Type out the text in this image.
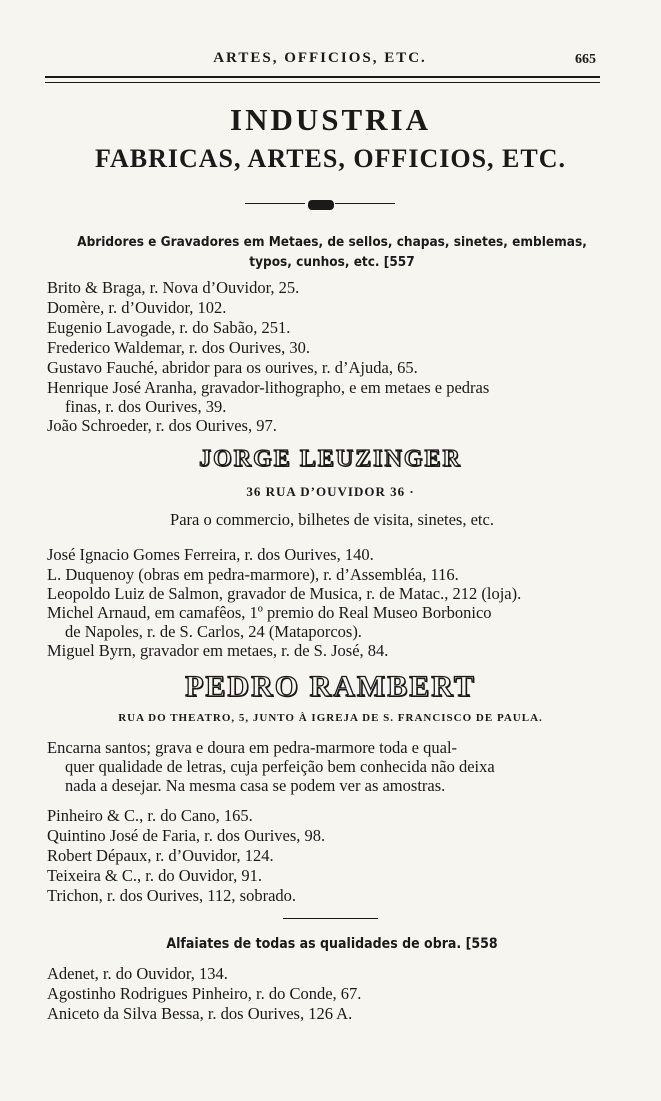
ARTES, OFFICIOS, ETC.	665
INDUSTRIA
FABRICAS, ARTES, OFFICIOS, ETC.
Abridores e Gravadores em Metaes, de sellos, chapas, sinetes, emblemas,
typos, cunhos, etc. [557
Brito & Braga, r. Nova d’Ouvidor, 25.
Domère, r. d’Ouvidor, 102.
Eugenio Lavogade, r. do Sabão, 251.
Frederico Waldemar, r. dos Ourives, 30.
Gustavo Fauché, abridor para os ourives, r. d’Ajuda, 65.
Henrique José Aranha, gravador-lithographo, e em metaes e pedras
finas, r. dos Ourives, 39.
João Schroeder, r. dos Ourives, 97.
JORGE LEUZINGER
36 RUA D’OUVIDOR 36 ·
Para o commercio, bilhetes de visita, sinetes, etc.
José Ignacio Gomes Ferreira, r. dos Ourives, 140.
L. Duquenoy (obras em pedra-marmore), r. d’Assembléa, 116.
Leopoldo Luiz de Salmon, gravador de Musica, r. de Matac., 212 (loja).
Michel Arnaud, em camafêos, 1º premio do Real Museo Borbonico
de Napoles, r. de S. Carlos, 24 (Mataporcos).
Miguel Byrn, gravador em metaes, r. de S. José, 84.
PEDRO RAMBERT
RUA DO THEATRO, 5, JUNTO À IGREJA DE S. FRANCISCO DE PAULA.
Encarna santos; grava e doura em pedra-marmore toda e qual-
quer qualidade de letras, cuja perfeição bem conhecida não deixa
nada a desejar. Na mesma casa se podem ver as amostras.
Pinheiro & C., r. do Cano, 165.
Quintino José de Faria, r. dos Ourives, 98.
Robert Dépaux, r. d’Ouvidor, 124.
Teixeira & C., r. do Ouvidor, 91.
Trichon, r. dos Ourives, 112, sobrado.
Alfaiates de todas as qualidades de obra. [558
Adenet, r. do Ouvidor, 134.
Agostinho Rodrigues Pinheiro, r. do Conde, 67.
Aniceto da Silva Bessa, r. dos Ourives, 126 A.
